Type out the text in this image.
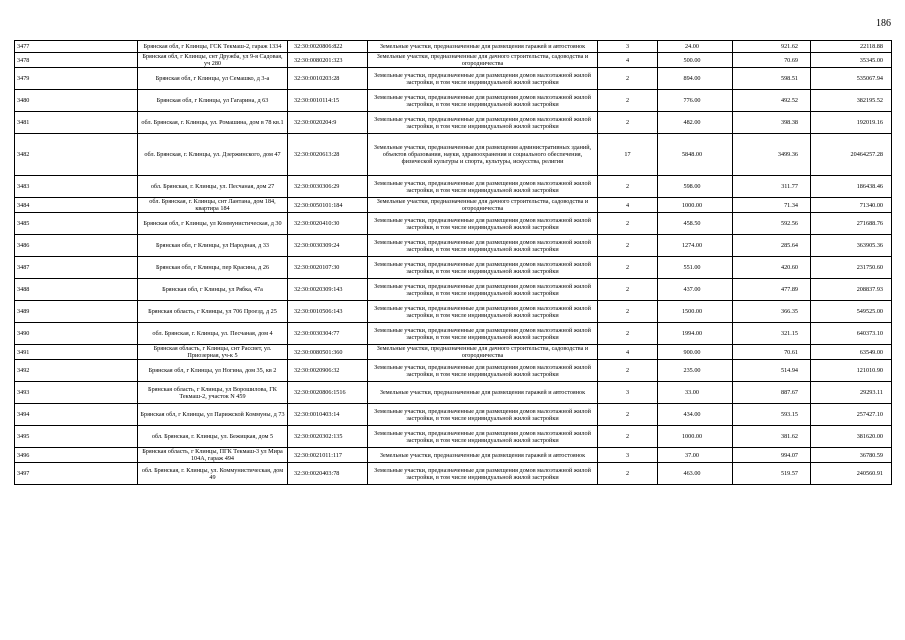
186
3477	Брянская обл, г Клинцы, ГСК Текмаш-2, гараж 1334	32:30:0020806:822	Земельные участки, предназначенные для размещения гаражей и автостоянок	3	24.00	921.62	22118.88
3478	Брянская обл, г Клинцы, снт Дружба, ул 9-я Садовая, уч 280	32:30:0080201:323	Земельные участки, предназначенные для дачного строительства, садоводства и огородничества	4	500.00	70.69	35345.00
3479	Брянская обл, г Клинцы, ул Семашко, д 3-а	32:30:0010203:28	Земельные участки, предназначенные для размещения домов малоэтажной жилой застройки, в том числе индивидуальной жилой застройки	2	894.00	598.51	535067.94
3480	Брянская обл, г Клинцы, ул Гагарина, д 63	32:30:0010114:15	Земельные участки, предназначенные для размещения домов малоэтажной жилой застройки, в том числе индивидуальной жилой застройки	2	776.00	492.52	382195.52
3481	обл. Брянская, г. Клинцы, ул. Ромашина, дом в 78 кв.1	32:30:0020204:9	Земельные участки, предназначенные для размещения домов малоэтажной жилой застройки, в том числе индивидуальной жилой застройки	2	482.00	398.38	192019.16
3482	обл. Брянская, г. Клинцы, ул. Дзержинского, дом 47	32:30:0020613:28	Земельные участки, предназначенные для размещения административных зданий, объектов образования, науки, здравоохранения и социального обеспечения, физической культуры и спорта, культуры, искусства, религии	17	5848.00	3499.36	20464257.28
3483	обл. Брянская, г. Клинцы, ул. Песчаная, дом 27	32:30:0030306:29	Земельные участки, предназначенные для размещения домов малоэтажной жилой застройки, в том числе индивидуальной жилой застройки	2	598.00	311.77	186438.46
3484	обл. Брянская, г. Клинцы, снт Лантана, дом 184, квартира 184	32:30:0050101:184	Земельные участки, предназначенные для дачного строительства, садоводства и огородничества	4	1000.00	71.34	71340.00
3485	Брянская обл, г Клинцы, ул Коммунистическая, д 30	32:30:0020410:30	Земельные участки, предназначенные для размещения домов малоэтажной жилой застройки, в том числе индивидуальной жилой застройки	2	458.50	592.56	271688.76
3486	Брянская обл, г Клинцы, ул Народная, д 33	32:30:0030309:24	Земельные участки, предназначенные для размещения домов малоэтажной жилой застройки, в том числе индивидуальной жилой застройки	2	1274.00	285.64	363905.36
3487	Брянская обл, г Клинцы, пер Красина, д 26	32:30:0020107:30	Земельные участки, предназначенные для размещения домов малоэтажной жилой застройки, в том числе индивидуальной жилой застройки	2	551.00	420.60	231750.60
3488	Брянская обл, г Клинцы, ул Рябка, 47а	32:30:0020309:143	Земельные участки, предназначенные для размещения домов малоэтажной жилой застройки, в том числе индивидуальной жилой застройки	2	437.00	477.89	208837.93
3489	Брянская область, г Клинцы, ул 706 Проезд, д 25	32:30:0010506:143	Земельные участки, предназначенные для размещения домов малоэтажной жилой застройки, в том числе индивидуальной жилой застройки	2	1500.00	366.35	549525.00
3490	обл. Брянская, г. Клинцы, ул. Песчаная, дом 4	32:30:0030304:77	Земельные участки, предназначенные для размещения домов малоэтажной жилой застройки, в том числе индивидуальной жилой застройки	2	1994.00	321.15	640373.10
3491	Брянская область, г Клинцы, снт Рассвет, ул. Приозерная, уч-к 5	32:30:0080501:360	Земельные участки, предназначенные для дачного строительства, садоводства и огородничества	4	900.00	70.61	63549.00
3492	Брянская обл, г Клинцы, ул Ногина, дом 35, кв 2	32:30:0020906:32	Земельные участки, предназначенные для размещения домов малоэтажной жилой застройки, в том числе индивидуальной жилой застройки	2	235.00	514.94	121010.90
3493	Брянская область, г Клинцы, ул Ворошилова, ГК Текмаш-2, участок N 459	32:30:0020806:1516	Земельные участки, предназначенные для размещения гаражей и автостоянок	3	33.00	887.67	29293.11
3494	Брянская обл, г Клинцы, ул Парижской Коммуны, д 73	32:30:0010403:14	Земельные участки, предназначенные для размещения домов малоэтажной жилой застройки, в том числе индивидуальной жилой застройки	2	434.00	593.15	257427.10
3495	обл. Брянская, г. Клинцы, ул. Бежицкая, дом 5	32:30:0020302:135	Земельные участки, предназначенные для размещения домов малоэтажной жилой застройки, в том числе индивидуальной жилой застройки	2	1000.00	381.62	381620.00
3496	Брянская область, г Клинцы, ПГК Текмаш-3 ул Мира 104А, гараж 494	32:30:0021011:117	Земельные участки, предназначенные для размещения гаражей и автостоянок	3	37.00	994.07	36780.59
3497	обл. Брянская, г. Клинцы, ул. Коммунистическая, дом 49	32:30:0020403:78	Земельные участки, предназначенные для размещения домов малоэтажной жилой застройки, в том числе индивидуальной жилой застройки	2	463.00	519.57	240560.91
